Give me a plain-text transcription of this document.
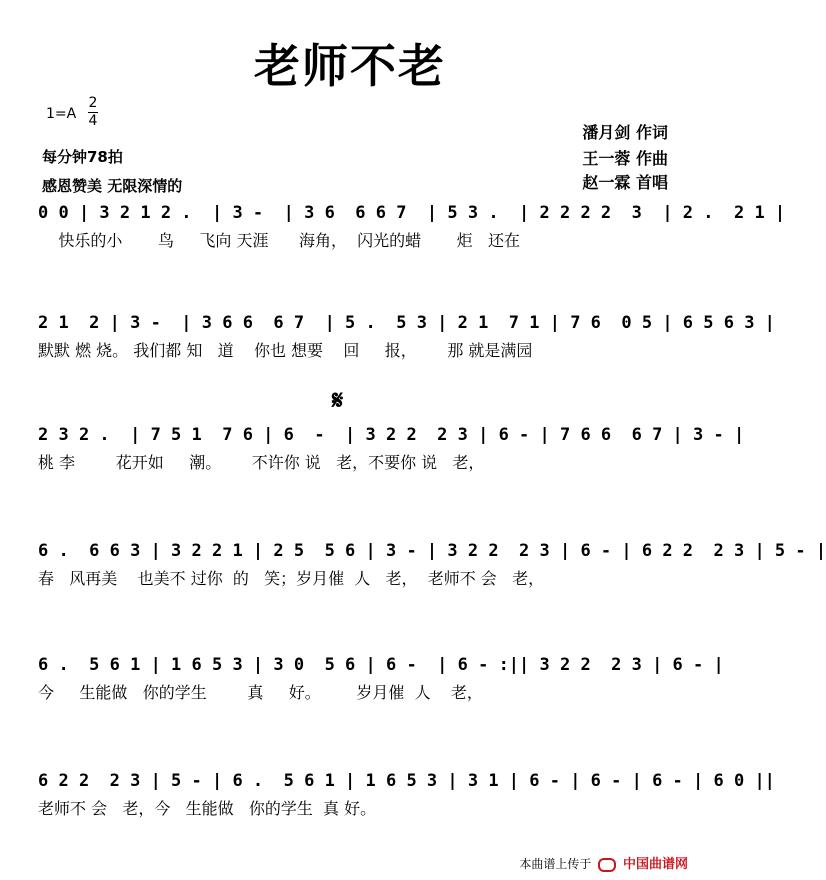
老师不老
1=A
2
4
每分钟78拍
感恩赞美 无限深情的
潘月剑 作词
王一蓉 作曲
赵一霖 首唱
0 0 | 3 2 1 2 .  | 3 -  | 3 6  6 6 7  | 5 3 .  | 2 2 2 2  3  | 2 .  2 1 |
快乐的小       鸟     飞向 天涯      海角，  闪光的蜡       炬   还在
2 1  2 | 3 -  | 3 6 6  6 7  | 5 .  5 3 | 2 1  7 1 | 7 6  0 5 | 6 5 6 3 |
默默 燃 烧。 我们都 知   道    你也 想要    回     报，      那 就是满园
𝄋
2 3 2 .  | 7 5 1  7 6 | 6  -  | 3 2 2  2 3 | 6 - | 7 6 6  6 7 | 3 - |
桃 李        花开如     潮。      不许你 说   老，不要你 说   老，
6 .  6 6 3 | 3 2 2 1 | 2 5  5 6 | 3 - | 3 2 2  2 3 | 6 - | 6 2 2  2 3 | 5 - |
春   风再美    也美不 过你  的   笑；岁月催  人   老，  老师不 会   老，
6 .  5 6 1 | 1 6 5 3 | 3 0  5 6 | 6 -  | 6 - :|| 3 2 2  2 3 | 6 - |
今     生能做   你的学生        真     好。       岁月催  人    老，
6 2 2  2 3 | 5 - | 6 .  5 6 1 | 1 6 5 3 | 3 1 | 6 - | 6 - | 6 - | 6 0 ||
老师不 会   老，今   生能做   你的学生  真 好。
本曲谱上传于 中国曲谱网
